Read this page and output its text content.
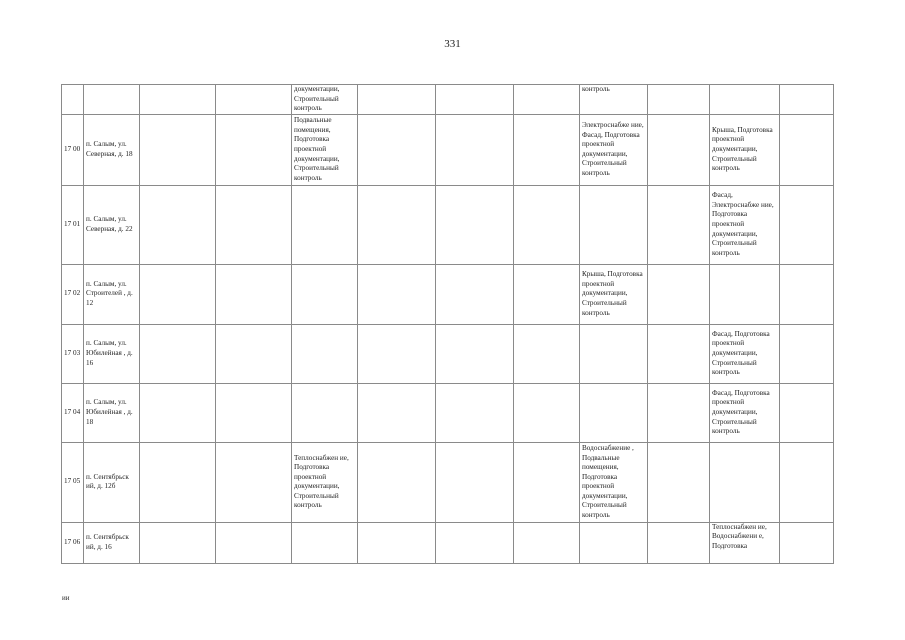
331
				документации, Строительный контроль				контроль			
17 00	п. Салым, ул. Северная, д. 18			Подвальные помещения, Подготовка проектной документации, Строительный контроль				Электроснабже ние, Фасад, Подготовка проектной документации, Строительный контроль		Крыша, Подготовка проектной документации, Строительный контроль	
17 01	п. Салым, ул. Северная, д. 22									Фасад, Электроснабже ние, Подготовка проектной документации, Строительный контроль	
17 02	п. Салым, ул. Строителей , д. 12							Крыша, Подготовка проектной документации, Строительный контроль			
17 03	п. Салым, ул. Юбилейная , д. 16									Фасад, Подготовка проектной документации, Строительный контроль	
17 04	п. Салым, ул. Юбилейная , д. 18									Фасад, Подготовка проектной документации, Строительный контроль	
17 05	п. Сентябрьск ий, д. 12б			Теплоснабжен ие, Подготовка проектной документации, Строительный контроль				Водоснабжение , Подвальные помещения, Подготовка проектной документации, Строительный контроль			
17 06	п. Сентябрьск ий, д. 16									Теплоснабжен ие, Водоснабжени е, Подготовка	
ии
